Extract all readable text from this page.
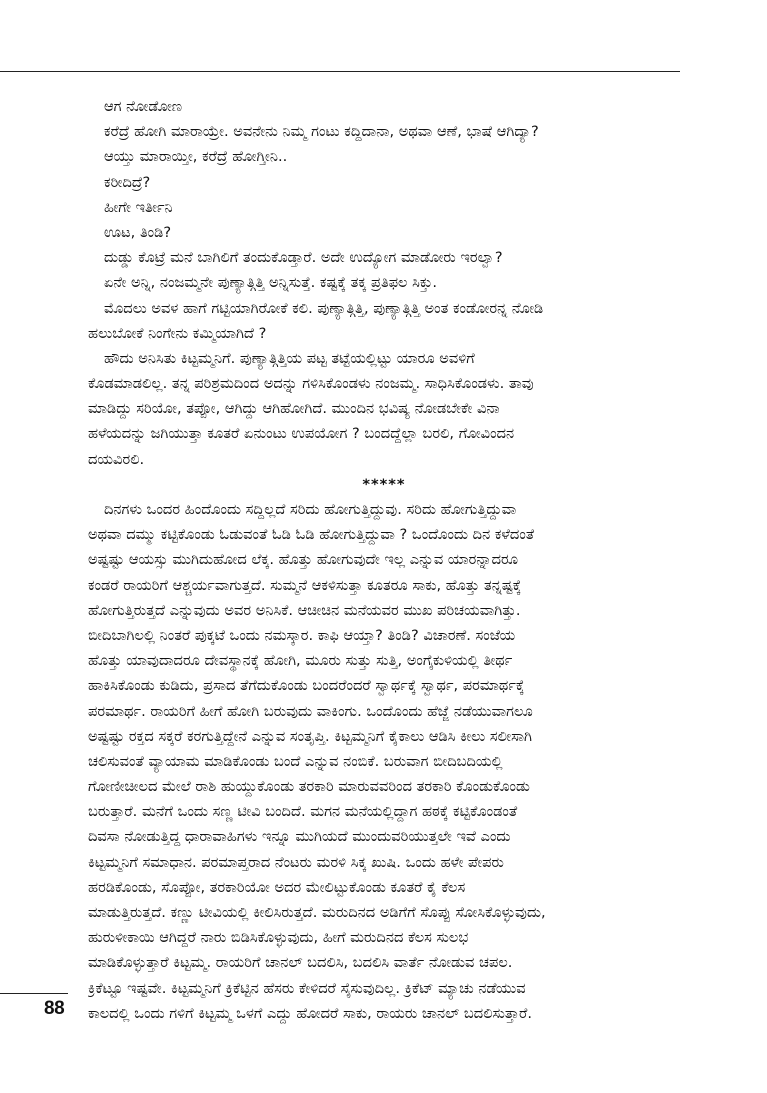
ಆಗ ನೋಡೋಣ
ಕರೆದ್ರೆ ಹೋಗಿ ಮಾರಾಯ್ರೇ. ಅವನೇನು ನಿಮ್ಮ ಗಂಟು ಕದ್ದಿದಾನಾ, ಅಥವಾ ಆಣೆ, ಭಾಷೆ ಆಗಿದ್ಯಾ?
ಆಯ್ತು ಮಾರಾಯ್ತೀ, ಕರೆದ್ರೆ ಹೋಗ್ತೀನಿ..
ಕರೀದಿದ್ರೆ?
ಹೀಗೇ ಇರ್ತೀನಿ
ಊಟ, ತಿಂಡಿ?
ದುಡ್ಡು ಕೊಟ್ರೆ ಮನೆ ಬಾಗಿಲಿಗೆ ತಂದುಕೊಡ್ತಾರೆ. ಅದೇ ಉದ್ಯೋಗ ಮಾಡೋರು ಇರಲ್ವಾ?
ಏನೇ ಅನ್ನಿ, ನಂಜಮ್ಮನೇ ಪುಣ್ಯಾತ್ಗಿತ್ತಿ ಅನ್ನಿಸುತ್ತೆ. ಕಷ್ಟಕ್ಕೆ ತಕ್ಕ ಪ್ರತಿಫಲ ಸಿಕ್ತು.
ಮೊದಲು ಅವಳ ಹಾಗೆ ಗಟ್ಟಿಯಾಗಿರೋಕೆ ಕಲಿ. ಪುಣ್ಯಾತ್ಗಿತ್ತಿ, ಪುಣ್ಯಾತ್ಗಿತ್ತಿ ಅಂತ ಕಂಡೋರನ್ನ ನೋಡಿ
ಹಲುಬೋಕೆ ನಿಂಗೇನು ಕಮ್ಮಿಯಾಗಿದೆ ?
ಹೌದು ಅನಿಸಿತು ಕಿಟ್ಟಮ್ಮನಿಗೆ. ಪುಣ್ಯಾತ್ಗಿತ್ತಿಯ ಪಟ್ಟ ತಟ್ಟೆಯಲ್ಲಿಟ್ಟು ಯಾರೂ ಅವಳಿಗೆ
ಕೊಡಮಾಡಲಿಲ್ಲ. ತನ್ನ ಪರಿಶ್ರಮದಿಂದ ಅದನ್ನು ಗಳಿಸಿಕೊಂಡಳು ನಂಜಮ್ಮ. ಸಾಧಿಸಿಕೊಂಡಳು. ತಾವು
ಮಾಡಿದ್ದು ಸರಿಯೋ, ತಪ್ಪೋ, ಆಗಿದ್ದು ಆಗಿಹೋಗಿದೆ. ಮುಂದಿನ ಭವಿಷ್ಯ ನೋಡಬೇಕೇ ವಿನಾ
ಹಳೆಯದನ್ನು ಜಗಿಯುತ್ತಾ ಕೂತರೆ ಏನುಂಟು ಉಪಯೋಗ ? ಬಂದದ್ದೆಲ್ಲಾ ಬರಲಿ, ಗೋವಿಂದನ
ದಯವಿರಲಿ.
*****
ದಿನಗಳು ಒಂದರ ಹಿಂದೊಂದು ಸದ್ದಿಲ್ಲದೆ ಸರಿದು ಹೋಗುತ್ತಿದ್ದುವು. ಸರಿದು ಹೋಗುತ್ತಿದ್ದುವಾ
ಅಥವಾ ದಮ್ಮು ಕಟ್ಟಿಕೊಂಡು ಓಡುವಂತೆ ಓಡಿ ಓಡಿ ಹೋಗುತ್ತಿದ್ದುವಾ ? ಒಂದೊಂದು ದಿನ ಕಳೆದಂತೆ
ಅಷ್ಟಷ್ಟು ಆಯಸ್ಸು ಮುಗಿದುಹೋದ ಲೆಕ್ಕ. ಹೊತ್ತು ಹೋಗುವುದೇ ಇಲ್ಲ ಎನ್ನುವ ಯಾರನ್ನಾದರೂ
ಕಂಡರೆ ರಾಯರಿಗೆ ಆಶ್ಚರ್ಯವಾಗುತ್ತದೆ. ಸುಮ್ಮನೆ ಆಕಳಿಸುತ್ತಾ ಕೂತರೂ ಸಾಕು, ಹೊತ್ತು ತನ್ನಷ್ಟಕ್ಕೆ
ಹೋಗುತ್ತಿರುತ್ತದೆ ಎನ್ನುವುದು ಅವರ ಅನಿಸಿಕೆ. ಆಚೀಚಿನ ಮನೆಯವರ ಮುಖ ಪರಿಚಯವಾಗಿತ್ತು.
ಬೀದಿಬಾಗಿಲಲ್ಲಿ ನಿಂತರೆ ಪುಕ್ಕಟೆ ಒಂದು ನಮಸ್ಕಾರ. ಕಾಫಿ ಆಯ್ತಾ? ತಿಂಡಿ? ವಿಚಾರಣೆ. ಸಂಜೆಯ
ಹೊತ್ತು ಯಾವುದಾದರೂ ದೇವಸ್ಥಾನಕ್ಕೆ ಹೋಗಿ, ಮೂರು ಸುತ್ತು ಸುತ್ತಿ, ಅಂಗೈಕುಳಿಯಲ್ಲಿ ತೀರ್ಥ
ಹಾಕಿಸಿಕೊಂಡು ಕುಡಿದು, ಪ್ರಸಾದ ತೆಗೆದುಕೊಂಡು ಬಂದರೆಂದರೆ ಸ್ವಾರ್ಥಕ್ಕೆ ಸ್ವಾರ್ಥ, ಪರಮಾರ್ಥಕ್ಕೆ
ಪರಮಾರ್ಥ. ರಾಯರಿಗೆ ಹೀಗೆ ಹೋಗಿ ಬರುವುದು ವಾಕಿಂಗು. ಒಂದೊಂದು ಹೆಜ್ಜೆ ನಡೆಯುವಾಗಲೂ
ಅಷ್ಟಷ್ಟು ರಕ್ತದ ಸಕ್ಕರೆ ಕರಗುತ್ತಿದ್ದೇನೆ ಎನ್ನುವ ಸಂತೃಪ್ತಿ. ಕಿಟ್ಟಮ್ಮನಿಗೆ ಕೈಕಾಲು ಆಡಿಸಿ ಕೀಲು ಸಲೀಸಾಗಿ
ಚಲಿಸುವಂತೆ ವ್ಯಾಯಾಮ ಮಾಡಿಕೊಂಡು ಬಂದೆ ಎನ್ನುವ ನಂಬಿಕೆ. ಬರುವಾಗ ಬೀದಿಬದಿಯಲ್ಲಿ
ಗೋಣೀಚೀಲದ ಮೇಲೆ ರಾಶಿ ಹುಯ್ದುಕೊಂಡು ತರಕಾರಿ ಮಾರುವವರಿಂದ ತರಕಾರಿ ಕೊಂಡುಕೊಂಡು
ಬರುತ್ತಾರೆ. ಮನೆಗೆ ಒಂದು ಸಣ್ಣ ಟೀವಿ ಬಂದಿದೆ. ಮಗನ ಮನೆಯಲ್ಲಿದ್ದಾಗ ಹಠಕ್ಕೆ ಕಟ್ಟಿಕೊಂಡಂತೆ
ದಿವಸಾ ನೋಡುತ್ತಿದ್ದ ಧಾರಾವಾಹಿಗಳು ಇನ್ನೂ ಮುಗಿಯದೆ ಮುಂದುವರಿಯುತ್ತಲೇ ಇವೆ ಎಂದು
ಕಿಟ್ಟಮ್ಮನಿಗೆ ಸಮಾಧಾನ. ಪರಮಾಪ್ತರಾದ ನೆಂಟರು ಮರಳಿ ಸಿಕ್ಕ ಖುಷಿ. ಒಂದು ಹಳೇ ಪೇಪರು
ಹರಡಿಕೊಂಡು, ಸೊಪ್ಪೋ, ತರಕಾರಿಯೋ ಅದರ ಮೇಲಿಟ್ಟುಕೊಂಡು ಕೂತರೆ ಕೈ ಕೆಲಸ
ಮಾಡುತ್ತಿರುತ್ತದೆ. ಕಣ್ಣು ಟೀವಿಯಲ್ಲಿ ಕೀಲಿಸಿರುತ್ತದೆ. ಮರುದಿನದ ಅಡಿಗೆಗೆ ಸೊಪ್ಪು ಸೋಸಿಕೊಳ್ಳುವುದು,
ಹುರುಳೀಕಾಯಿ ಆಗಿದ್ದರೆ ನಾರು ಬಿಡಿಸಿಕೊಳ್ಳುವುದು, ಹೀಗೆ ಮರುದಿನದ ಕೆಲಸ ಸುಲಭ
ಮಾಡಿಕೊಳ್ಳುತ್ತಾರೆ ಕಿಟ್ಟಮ್ಮ. ರಾಯರಿಗೆ ಚಾನಲ್ ಬದಲಿಸಿ, ಬದಲಿಸಿ ವಾರ್ತೆ ನೋಡುವ ಚಪಲ.
ಕ್ರಿಕೆಟ್ಟೂ ಇಷ್ಟವೇ. ಕಿಟ್ಟಮ್ಮನಿಗೆ ಕ್ರಿಕೆಟ್ಟಿನ ಹೆಸರು ಕೇಳಿದರೆ ಸೈಸುವುದಿಲ್ಲ. ಕ್ರಿಕೆಟ್ ಮ್ಯಾಚು ನಡೆಯುವ
ಕಾಲದಲ್ಲಿ ಒಂದು ಗಳಿಗೆ ಕಿಟ್ಟಮ್ಮ ಒಳಗೆ ಎದ್ದು ಹೋದರೆ ಸಾಕು, ರಾಯರು ಚಾನಲ್ ಬದಲಿಸುತ್ತಾರೆ.
88
